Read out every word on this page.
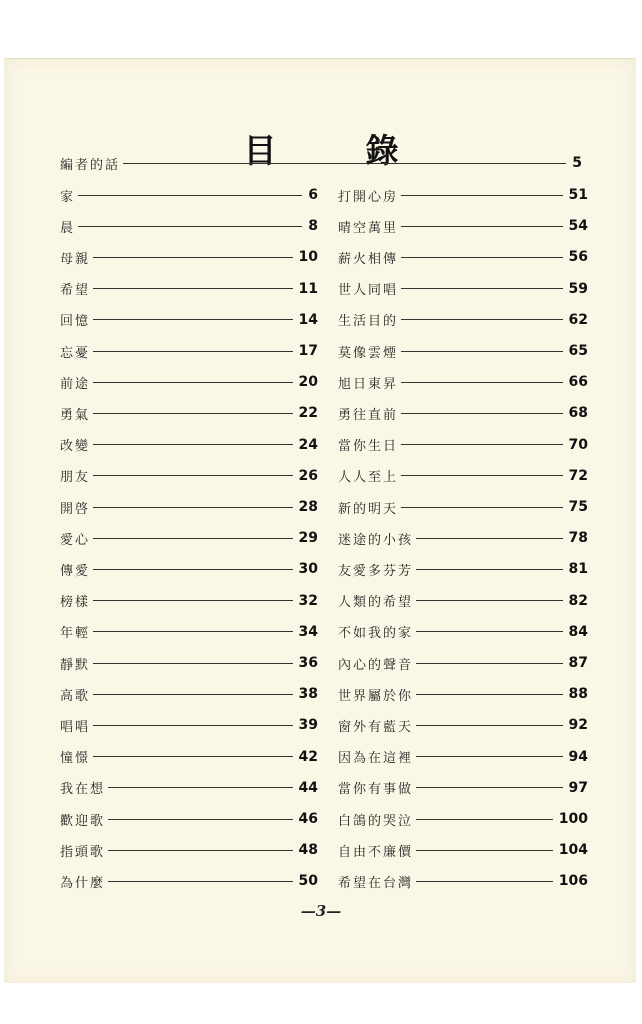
目　錄
編者的話	5
家	6
晨	8
母親	10
希望	11
回憶	14
忘憂	17
前途	20
勇氣	22
改變	24
朋友	26
開啓	28
愛心	29
傳愛	30
榜樣	32
年輕	34
靜默	36
高歌	38
唱唱	39
憧憬	42
我在想	44
歡迎歌	46
指頭歌	48
為什麼	50
打開心房	51
晴空萬里	54
薪火相傳	56
世人同唱	59
生活目的	62
莫像雲煙	65
旭日東昇	66
勇往直前	68
當你生日	70
人人至上	72
新的明天	75
迷途的小孩	78
友愛多芬芳	81
人類的希望	82
不如我的家	84
內心的聲音	87
世界屬於你	88
窗外有藍天	92
因為在這裡	94
當你有事做	97
白鴿的哭泣	100
自由不廉價	104
希望在台灣	106
—3—
